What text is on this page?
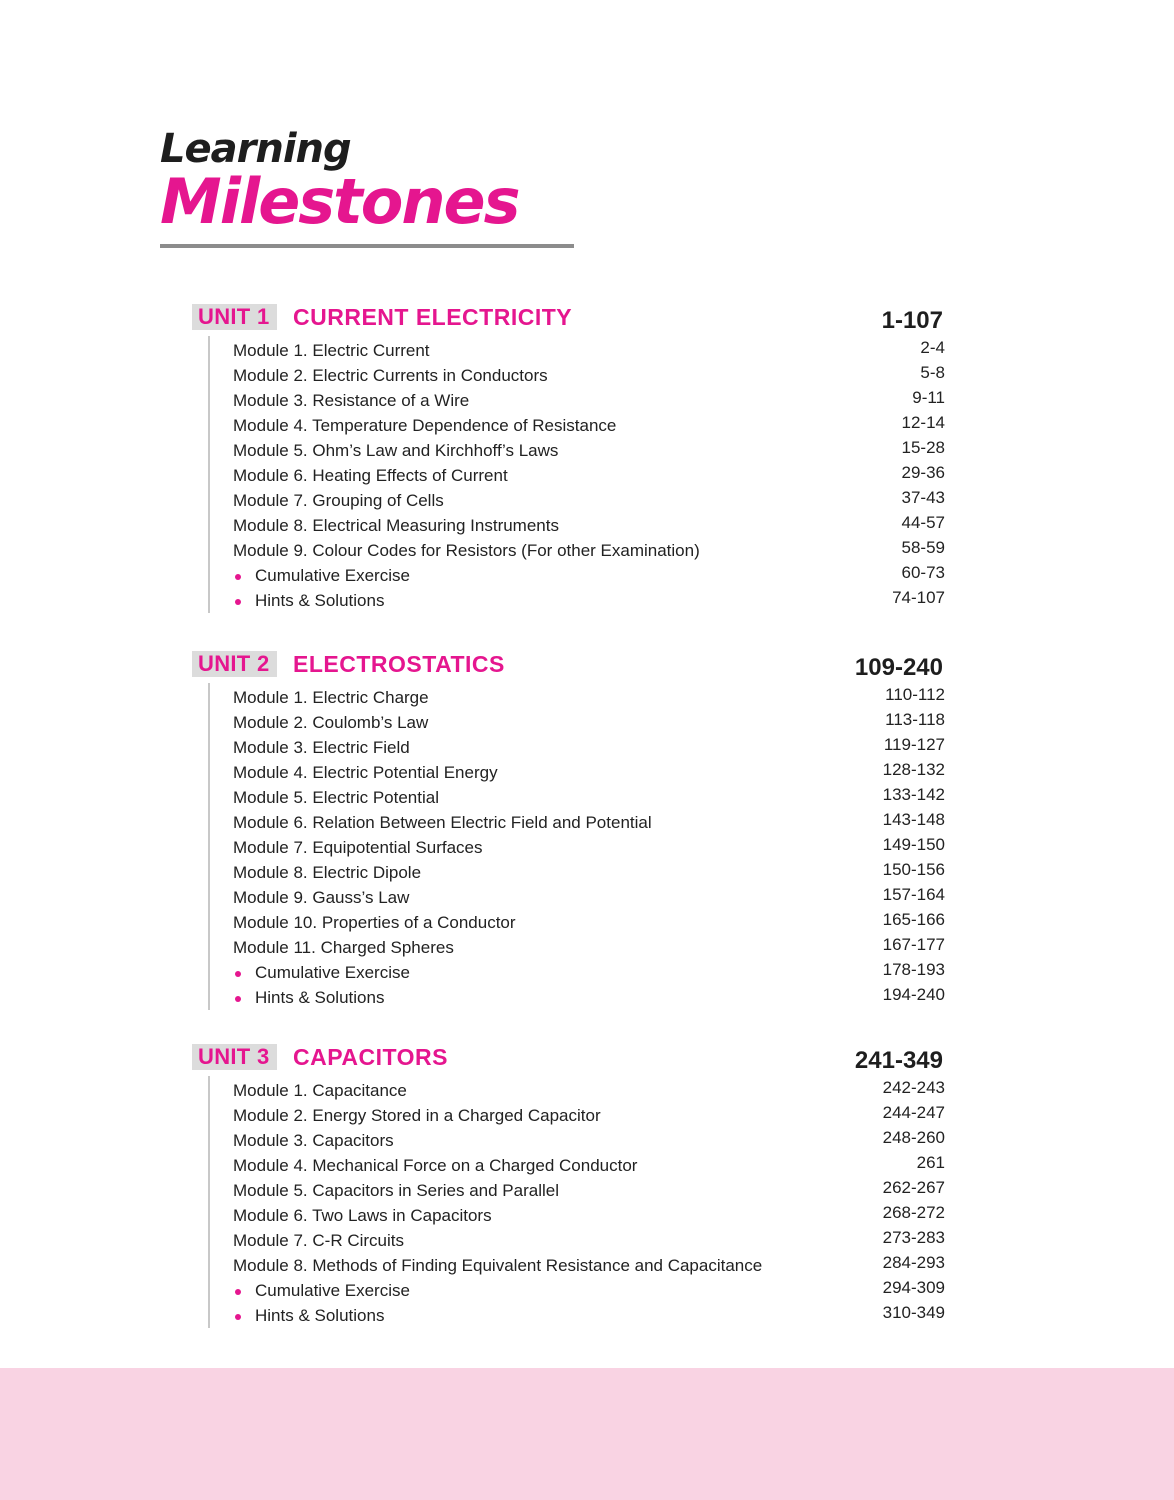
Learning
Milestones
UNIT 1	CURRENT ELECTRICITY	1-107
Module 1. Electric Current	2-4
Module 2. Electric Currents in Conductors	5-8
Module 3. Resistance of a Wire	9-11
Module 4. Temperature Dependence of Resistance	12-14
Module 5. Ohm’s Law and Kirchhoff’s Laws	15-28
Module 6. Heating Effects of Current	29-36
Module 7. Grouping of Cells	37-43
Module 8. Electrical Measuring Instruments	44-57
Module 9. Colour Codes for Resistors (For other Examination)	58-59
Cumulative Exercise	60-73
Hints & Solutions	74-107
UNIT 2	ELECTROSTATICS	109-240
Module 1. Electric Charge	110-112
Module 2. Coulomb’s Law	113-118
Module 3. Electric Field	119-127
Module 4. Electric Potential Energy	128-132
Module 5. Electric Potential	133-142
Module 6. Relation Between Electric Field and Potential	143-148
Module 7. Equipotential Surfaces	149-150
Module 8. Electric Dipole	150-156
Module 9. Gauss’s Law	157-164
Module 10. Properties of a Conductor	165-166
Module 11. Charged Spheres	167-177
Cumulative Exercise	178-193
Hints & Solutions	194-240
UNIT 3	CAPACITORS	241-349
Module 1. Capacitance	242-243
Module 2. Energy Stored in a Charged Capacitor	244-247
Module 3. Capacitors	248-260
Module 4. Mechanical Force on a Charged Conductor	261
Module 5. Capacitors in Series and Parallel	262-267
Module 6. Two Laws in Capacitors	268-272
Module 7. C-R Circuits	273-283
Module 8. Methods of Finding Equivalent Resistance and Capacitance	284-293
Cumulative Exercise	294-309
Hints & Solutions	310-349
